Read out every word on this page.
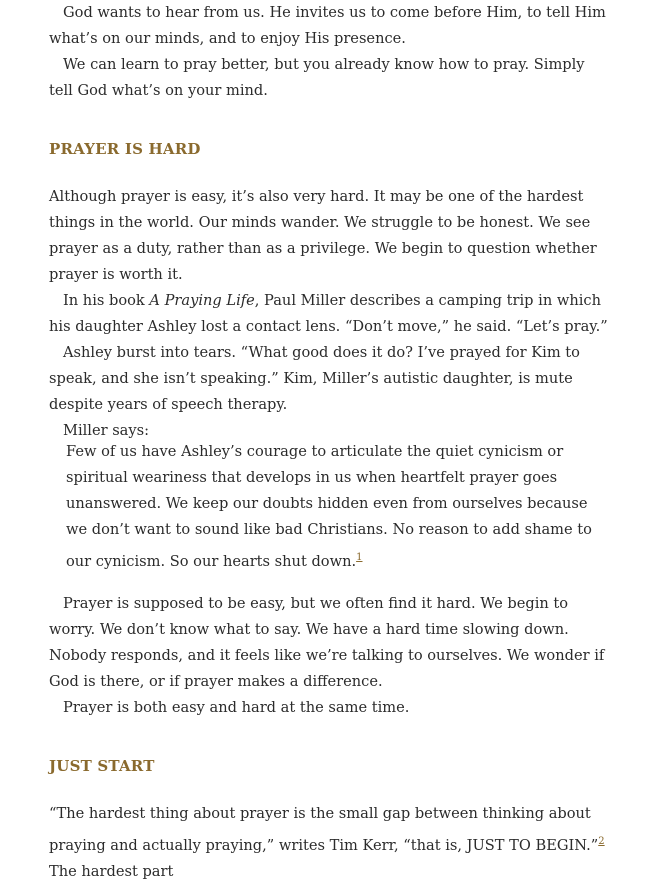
God wants to hear from us. He invites us to come before Him, to tell Him what’s on our minds, and to enjoy His presence.

We can learn to pray better, but you already know how to pray. Simply tell God what’s on your mind.

PRAYER IS HARD

Although prayer is easy, it’s also very hard. It may be one of the hardest things in the world. Our minds wander. We struggle to be honest. We see prayer as a duty, rather than as a privilege. We begin to question whether prayer is worth it.

In his book A Praying Life, Paul Miller describes a camping trip in which his daughter Ashley lost a contact lens. “Don’t move,” he said. “Let’s pray.”

Ashley burst into tears. “What good does it do? I’ve prayed for Kim to speak, and she isn’t speaking.” Kim, Miller’s autistic daughter, is mute despite years of speech therapy.

Miller says:

Few of us have Ashley’s courage to articulate the quiet cynicism or spiritual weariness that develops in us when heartfelt prayer goes unanswered. We keep our doubts hidden even from ourselves because we don’t want to sound like bad Christians. No reason to add shame to our cynicism. So our hearts shut down.$^1$

Prayer is supposed to be easy, but we often find it hard. We begin to worry. We don’t know what to say. We have a hard time slowing down. Nobody responds, and it feels like we’re talking to ourselves. We wonder if God is there, or if prayer makes a difference.

Prayer is both easy and hard at the same time.

JUST START

“The hardest thing about prayer is the small gap between thinking about praying and actually praying,” writes Tim Kerr, “that is, JUST TO BEGIN.”$^2$ The hardest part
